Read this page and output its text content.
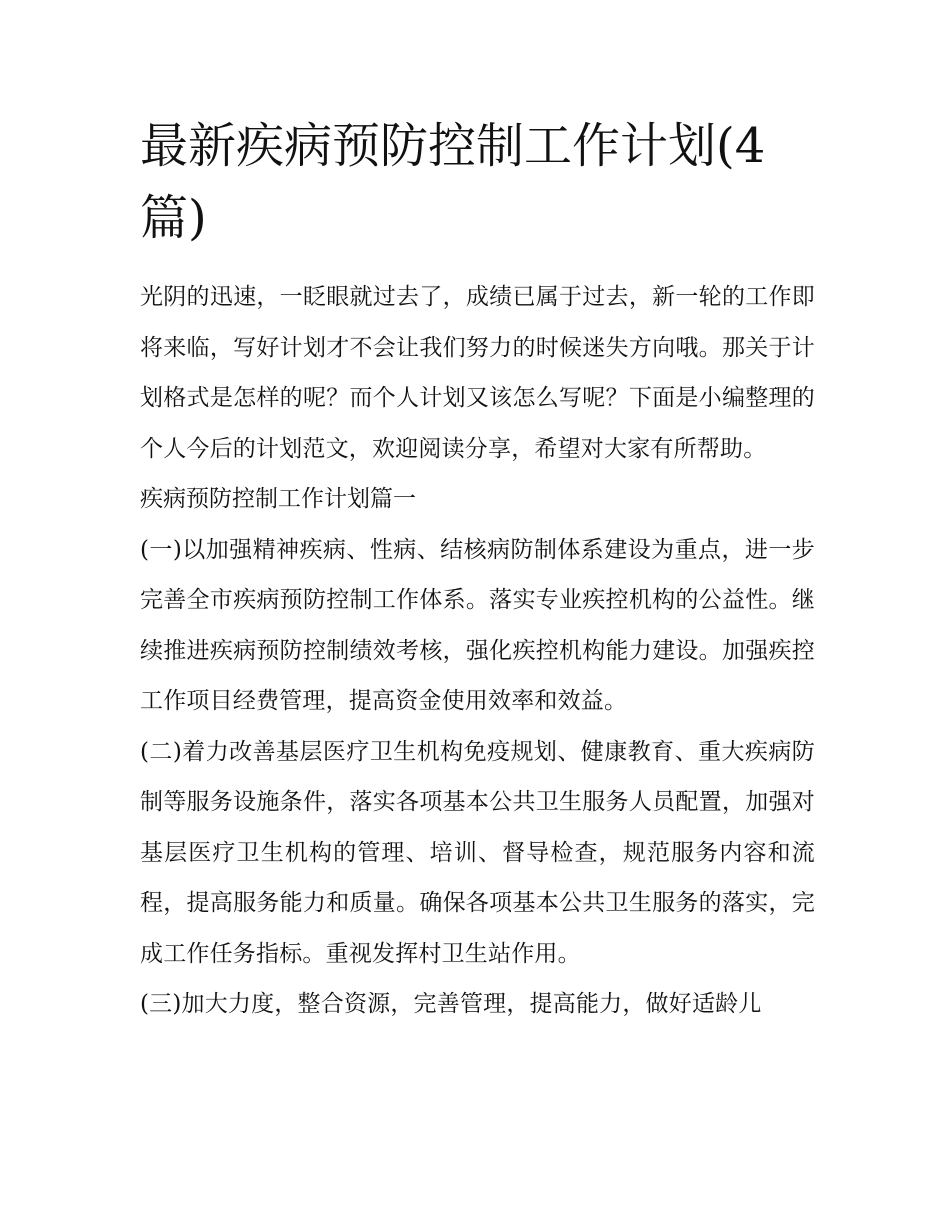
最新疾病预防控制工作计划(4篇)

光阴的迅速，一眨眼就过去了，成绩已属于过去，新一轮的工作即将来临，写好计划才不会让我们努力的时候迷失方向哦。那关于计划格式是怎样的呢？而个人计划又该怎么写呢？下面是小编整理的个人今后的计划范文，欢迎阅读分享，希望对大家有所帮助。

疾病预防控制工作计划篇一

(一)以加强精神疾病、性病、结核病防制体系建设为重点，进一步完善全市疾病预防控制工作体系。落实专业疾控机构的公益性。继续推进疾病预防控制绩效考核，强化疾控机构能力建设。加强疾控工作项目经费管理，提高资金使用效率和效益。

(二)着力改善基层医疗卫生机构免疫规划、健康教育、重大疾病防制等服务设施条件，落实各项基本公共卫生服务人员配置，加强对基层医疗卫生机构的管理、培训、督导检查，规范服务内容和流程，提高服务能力和质量。确保各项基本公共卫生服务的落实，完成工作任务指标。重视发挥村卫生站作用。

(三)加大力度，整合资源，完善管理，提高能力，做好适龄儿
